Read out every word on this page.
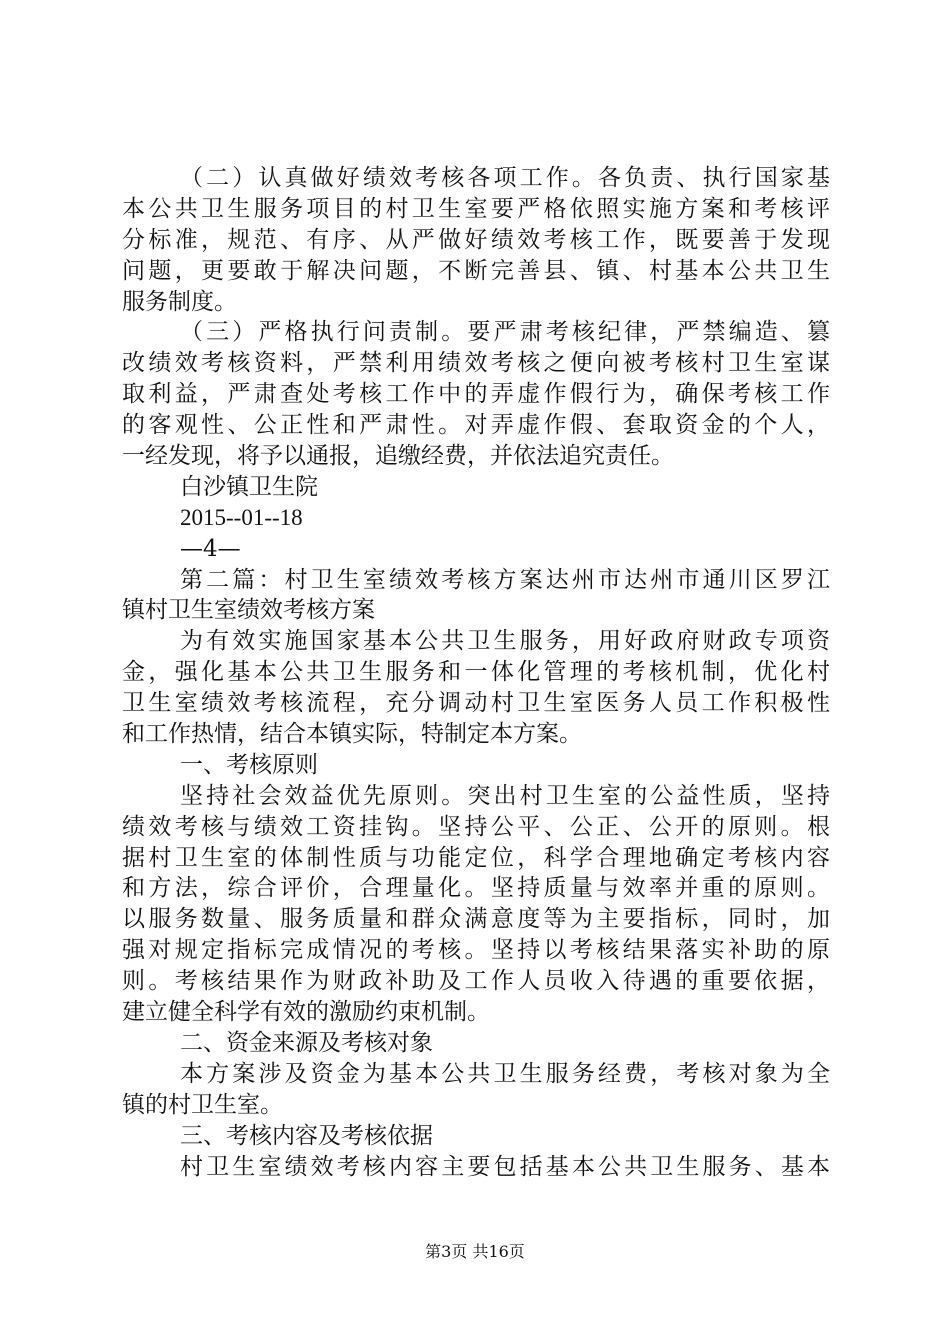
（二）认真做好绩效考核各项工作。各负责、执行国家基
本公共卫生服务项目的村卫生室要严格依照实施方案和考核评
分标准，规范、有序、从严做好绩效考核工作，既要善于发现
问题，更要敢于解决问题，不断完善县、镇、村基本公共卫生
服务制度。
（三）严格执行问责制。要严肃考核纪律，严禁编造、篡
改绩效考核资料，严禁利用绩效考核之便向被考核村卫生室谋
取利益，严肃查处考核工作中的弄虚作假行为，确保考核工作
的客观性、公正性和严肃性。对弄虚作假、套取资金的个人，
一经发现，将予以通报，追缴经费，并依法追究责任。
白沙镇卫生院
2015--01--18
—4—
第二篇：村卫生室绩效考核方案达州市达州市通川区罗江
镇村卫生室绩效考核方案
为有效实施国家基本公共卫生服务，用好政府财政专项资
金，强化基本公共卫生服务和一体化管理的考核机制，优化村
卫生室绩效考核流程，充分调动村卫生室医务人员工作积极性
和工作热情，结合本镇实际，特制定本方案。
一、考核原则
坚持社会效益优先原则。突出村卫生室的公益性质，坚持
绩效考核与绩效工资挂钩。坚持公平、公正、公开的原则。根
据村卫生室的体制性质与功能定位，科学合理地确定考核内容
和方法，综合评价，合理量化。坚持质量与效率并重的原则。
以服务数量、服务质量和群众满意度等为主要指标，同时，加
强对规定指标完成情况的考核。坚持以考核结果落实补助的原
则。考核结果作为财政补助及工作人员收入待遇的重要依据，
建立健全科学有效的激励约束机制。
二、资金来源及考核对象
本方案涉及资金为基本公共卫生服务经费，考核对象为全
镇的村卫生室。
三、考核内容及考核依据
村卫生室绩效考核内容主要包括基本公共卫生服务、基本
第3页 共16页
